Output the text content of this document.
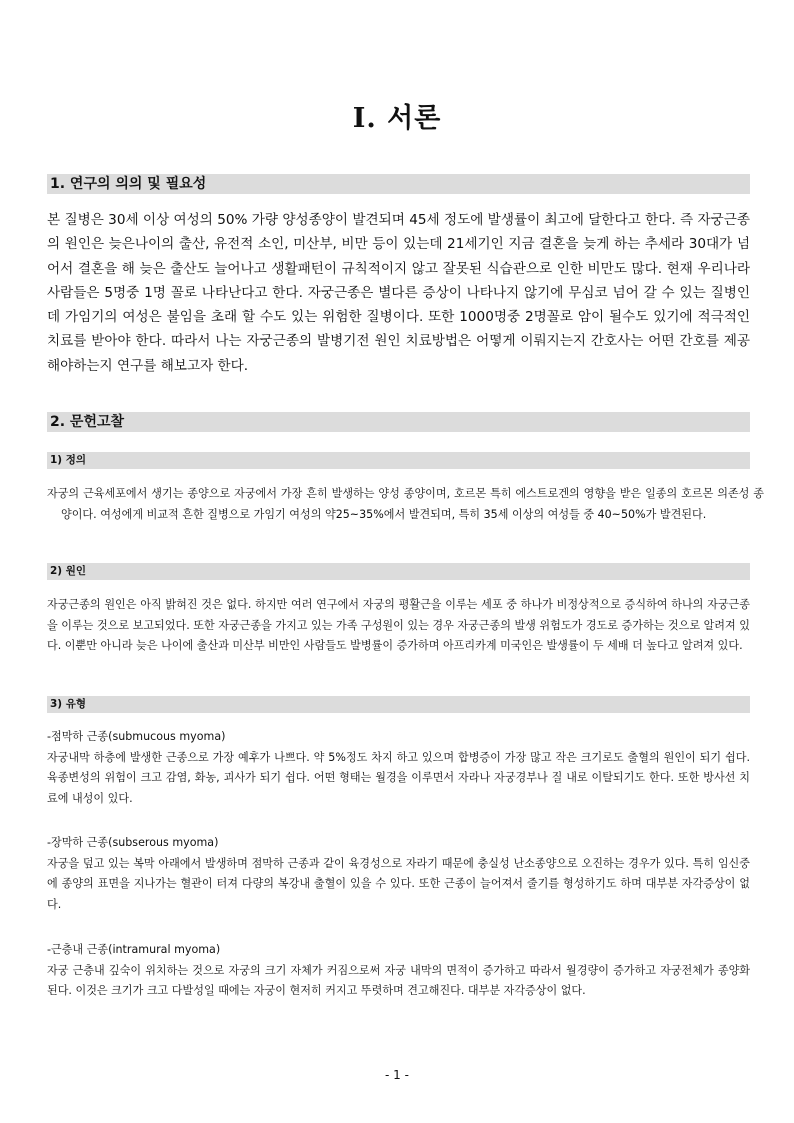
Ⅰ. 서론
1. 연구의 의의 및 필요성
본 질병은 30세 이상 여성의 50% 가량 양성종양이 발견되며 45세 정도에 발생률이 최고에 달한다고 한다. 즉 자궁근종의 원인은 늦은나이의 출산, 유전적 소인, 미산부, 비만 등이 있는데 21세기인 지금 결혼을 늦게 하는 추세라 30대가 넘어서 결혼을 해 늦은 출산도 늘어나고 생활패턴이 규칙적이지 않고 잘못된 식습관으로 인한 비만도 많다. 현재 우리나라 사람들은 5명중 1명 꼴로 나타난다고 한다. 자궁근종은 별다른 증상이 나타나지 않기에 무심코 넘어 갈 수 있는 질병인데 가임기의 여성은 불임을 초래 할 수도 있는 위험한 질병이다. 또한 1000명중 2명꼴로 암이 될수도 있기에 적극적인 치료를 받아야 한다. 따라서 나는 자궁근종의 발병기전 원인 치료방법은 어떻게 이뤄지는지 간호사는 어떤 간호를 제공해야하는지 연구를 해보고자 한다.
2. 문헌고찰
1) 정의
자궁의 근육세포에서 생기는 종양으로 자궁에서 가장 흔히 발생하는 양성 종양이며, 호르몬 특히 에스트로겐의 영향을 받은 일종의 호르몬 의존성 종양이다. 여성에게 비교적 흔한 질병으로 가임기 여성의 약25~35%에서 발견되며, 특히 35세 이상의 여성들 중 40~50%가 발견된다.
2) 원인
자궁근종의 원인은 아직 밝혀진 것은 없다. 하지만 여러 연구에서 자궁의 평활근을 이루는 세포 중 하나가 비정상적으로 증식하여 하나의 자궁근종을 이루는 것으로 보고되었다. 또한 자궁근종을 가지고 있는 가족 구성원이 있는 경우 자궁근종의 발생 위험도가 경도로 증가하는 것으로 알려져 있다. 이뿐만 아니라 늦은 나이에 출산과 미산부 비만인 사람들도 발병률이 증가하며 아프리카계 미국인은 발생률이 두 세배 더 높다고 알려져 있다.
3) 유형
-점막하 근종(submucous myoma)
자궁내막 하층에 발생한 근종으로 가장 예후가 나쁘다. 약 5%정도 차지 하고 있으며 합병증이 가장 많고 작은 크기로도 출혈의 원인이 되기 쉽다. 육종변성의 위험이 크고 감염, 화농, 괴사가 되기 쉽다. 어떤 형태는 월경을 이루면서 자라나 자궁경부나 질 내로 이탈되기도 한다. 또한 방사선 치료에 내성이 있다.
-장막하 근종(subserous myoma)
자궁을 덮고 있는 복막 아래에서 발생하며 점막하 근종과 같이 육경성으로 자라기 때문에 충실성 난소종양으로 오진하는 경우가 있다. 특히 임신중에 종양의 표면을 지나가는 혈관이 터져 다량의 복강내 출혈이 있을 수 있다. 또한 근종이 늘어져서 줄기를 형성하기도 하며 대부분 자각증상이 없다.
-근층내 근종(intramural myoma)
자궁 근층내 깊숙이 위치하는 것으로 자궁의 크기 자체가 커짐으로써 자궁 내막의 면적이 증가하고 따라서 월경량이 증가하고 자궁전체가 종양화 된다. 이것은 크기가 크고 다발성일 때에는 자궁이 현저히 커지고 뚜렷하며 견고해진다. 대부분 자각증상이 없다.
- 1 -
